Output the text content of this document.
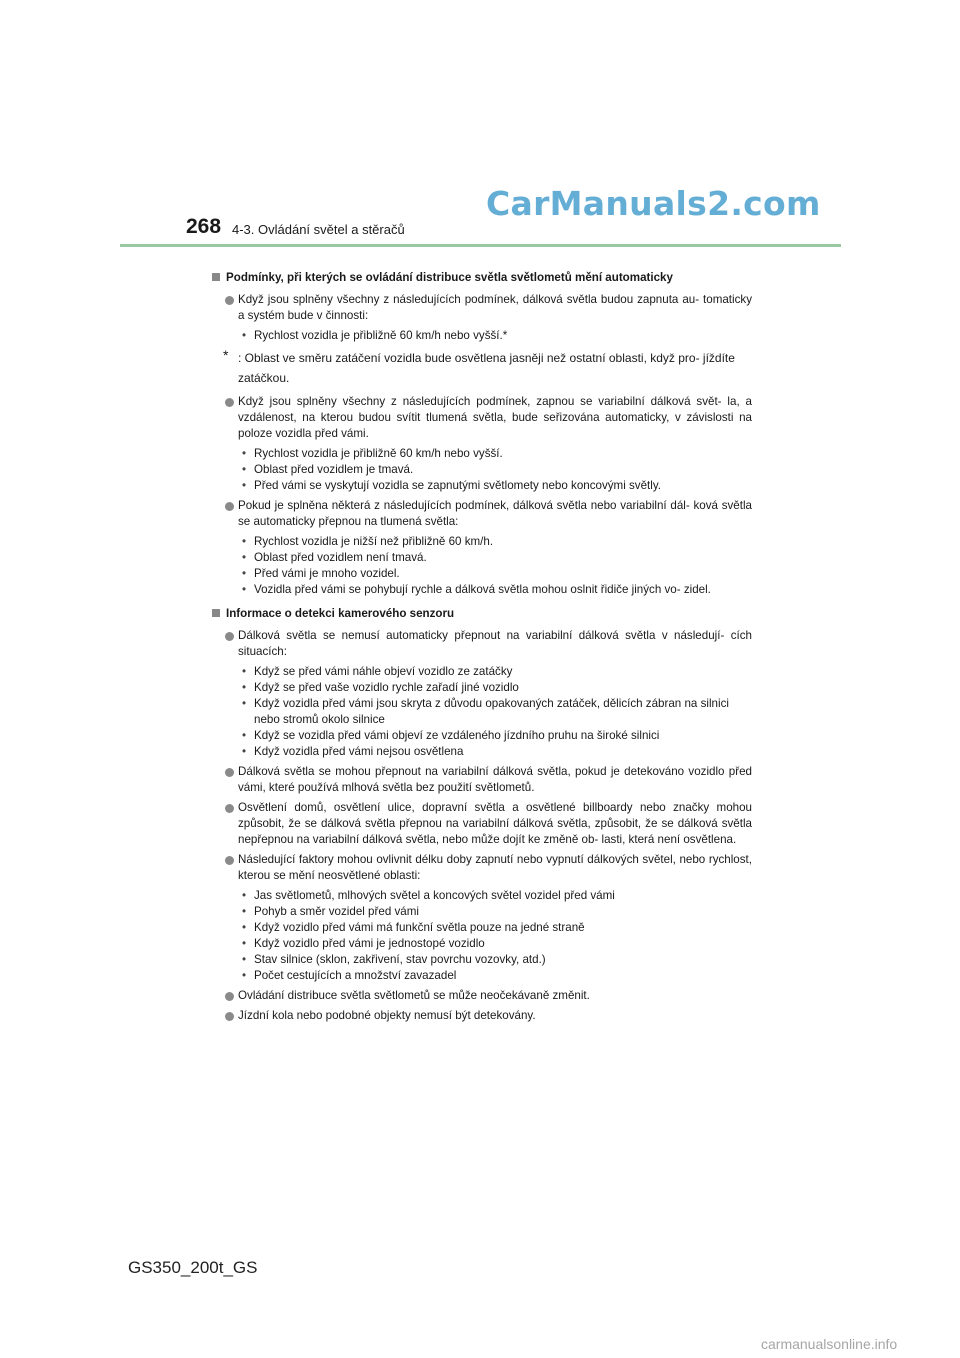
268 4-3. Ovládání světel a stěračů
CarManuals2.com
Podmínky, při kterých se ovládání distribuce světla světlometů mění automaticky
Když jsou splněny všechny z následujících podmínek, dálková světla budou zapnuta au- tomaticky a systém bude v činnosti:
• Rychlost vozidla je přibližně 60 km/h nebo vyšší.*
* : Oblast ve směru zatáčení vozidla bude osvětlena jasněji než ostatní oblasti, když pro- jíždíte zatáčkou.
Když jsou splněny všechny z následujících podmínek, zapnou se variabilní dálková svět- la, a vzdálenost, na kterou budou svítit tlumená světla, bude seřizována automaticky, v závislosti na poloze vozidla před vámi.
• Rychlost vozidla je přibližně 60 km/h nebo vyšší.
• Oblast před vozidlem je tmavá.
• Před vámi se vyskytují vozidla se zapnutými světlomety nebo koncovými světly.
Pokud je splněna některá z následujících podmínek, dálková světla nebo variabilní dál- ková světla se automaticky přepnou na tlumená světla:
• Rychlost vozidla je nižší než přibližně 60 km/h.
• Oblast před vozidlem není tmavá.
• Před vámi je mnoho vozidel.
• Vozidla před vámi se pohybují rychle a dálková světla mohou oslnit řidiče jiných vo- zidel.
Informace o detekci kamerového senzoru
Dálková světla se nemusí automaticky přepnout na variabilní dálková světla v následují- cích situacích:
• Když se před vámi náhle objeví vozidlo ze zatáčky
• Když se před vaše vozidlo rychle zařadí jiné vozidlo
• Když vozidla před vámi jsou skryta z důvodu opakovaných zatáček, dělicích zábran na silnici nebo stromů okolo silnice
• Když se vozidla před vámi objeví ze vzdáleného jízdního pruhu na široké silnici
• Když vozidla před vámi nejsou osvětlena
Dálková světla se mohou přepnout na variabilní dálková světla, pokud je detekováno vozidlo před vámi, které používá mlhová světla bez použití světlometů.
Osvětlení domů, osvětlení ulice, dopravní světla a osvětlené billboardy nebo značky mohou způsobit, že se dálková světla přepnou na variabilní dálková světla, způsobit, že se dálková světla nepřepnou na variabilní dálková světla, nebo může dojít ke změně ob- lasti, která není osvětlena.
Následující faktory mohou ovlivnit délku doby zapnutí nebo vypnutí dálkových světel, nebo rychlost, kterou se mění neosvětlené oblasti:
• Jas světlometů, mlhových světel a koncových světel vozidel před vámi
• Pohyb a směr vozidel před vámi
• Když vozidlo před vámi má funkční světla pouze na jedné straně
• Když vozidlo před vámi je jednostopé vozidlo
• Stav silnice (sklon, zakřivení, stav povrchu vozovky, atd.)
• Počet cestujících a množství zavazadel
Ovládání distribuce světla světlometů se může neočekávaně změnit.
Jízdní kola nebo podobné objekty nemusí být detekovány.
GS350_200t_GS
carmanualsonline.info
